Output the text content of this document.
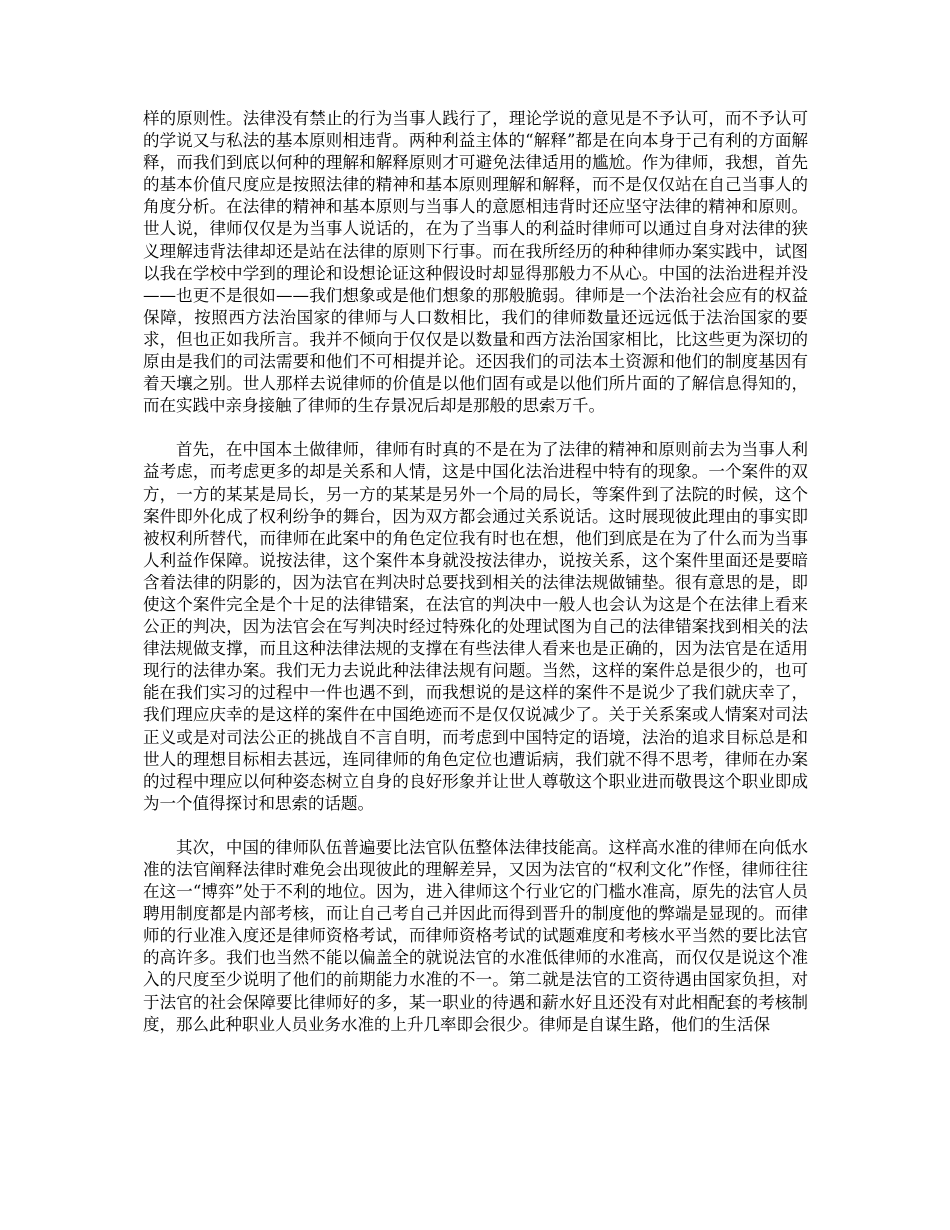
样的原则性。法律没有禁止的行为当事人践行了，理论学说的意见是不予认可，而不予认可的学说又与私法的基本原则相违背。两种利益主体的“解释”都是在向本身于己有利的方面解释，而我们到底以何种的理解和解释原则才可避免法律适用的尴尬。作为律师，我想，首先的基本价值尺度应是按照法律的精神和基本原则理解和解释，而不是仅仅站在自己当事人的角度分析。在法律的精神和基本原则与当事人的意愿相违背时还应坚守法律的精神和原则。世人说，律师仅仅是为当事人说话的，在为了当事人的利益时律师可以通过自身对法律的狭义理解违背法律却还是站在法律的原则下行事。而在我所经历的种种律师办案实践中，试图以我在学校中学到的理论和设想论证这种假设时却显得那般力不从心。中国的法治进程并没——也更不是很如——我们想象或是他们想象的那般脆弱。律师是一个法治社会应有的权益保障，按照西方法治国家的律师与人口数相比，我们的律师数量还远远低于法治国家的要求，但也正如我所言。我并不倾向于仅仅是以数量和西方法治国家相比，比这些更为深切的原由是我们的司法需要和他们不可相提并论。还因我们的司法本土资源和他们的制度基因有着天壤之别。世人那样去说律师的价值是以他们固有或是以他们所片面的了解信息得知的，而在实践中亲身接触了律师的生存景况后却是那般的思索万千。

首先，在中国本土做律师，律师有时真的不是在为了法律的精神和原则前去为当事人利益考虑，而考虑更多的却是关系和人情，这是中国化法治进程中特有的现象。一个案件的双方，一方的某某是局长，另一方的某某是另外一个局的局长，等案件到了法院的时候，这个案件即外化成了权利纷争的舞台，因为双方都会通过关系说话。这时展现彼此理由的事实即被权利所替代，而律师在此案中的角色定位我有时也在想，他们到底是在为了什么而为当事人利益作保障。说按法律，这个案件本身就没按法律办，说按关系，这个案件里面还是要暗含着法律的阴影的，因为法官在判决时总要找到相关的法律法规做铺垫。很有意思的是，即使这个案件完全是个十足的法律错案，在法官的判决中一般人也会认为这是个在法律上看来公正的判决，因为法官会在写判决时经过特殊化的处理试图为自己的法律错案找到相关的法律法规做支撑，而且这种法律法规的支撑在有些法律人看来也是正确的，因为法官是在适用现行的法律办案。我们无力去说此种法律法规有问题。当然，这样的案件总是很少的，也可能在我们实习的过程中一件也遇不到，而我想说的是这样的案件不是说少了我们就庆幸了，我们理应庆幸的是这样的案件在中国绝迹而不是仅仅说减少了。关于关系案或人情案对司法正义或是对司法公正的挑战自不言自明，而考虑到中国特定的语境，法治的追求目标总是和世人的理想目标相去甚远，连同律师的角色定位也遭诟病，我们就不得不思考，律师在办案的过程中理应以何种姿态树立自身的良好形象并让世人尊敬这个职业进而敬畏这个职业即成为一个值得探讨和思索的话题。

其次，中国的律师队伍普遍要比法官队伍整体法律技能高。这样高水准的律师在向低水准的法官阐释法律时难免会出现彼此的理解差异，又因为法官的“权利文化”作怪，律师往往在这一“博弈”处于不利的地位。因为，进入律师这个行业它的门槛水准高，原先的法官人员聘用制度都是内部考核，而让自己考自己并因此而得到晋升的制度他的弊端是显现的。而律师的行业准入度还是律师资格考试，而律师资格考试的试题难度和考核水平当然的要比法官的高许多。我们也当然不能以偏盖全的就说法官的水准低律师的水准高，而仅仅是说这个准入的尺度至少说明了他们的前期能力水准的不一。第二就是法官的工资待遇由国家负担，对于法官的社会保障要比律师好的多，某一职业的待遇和薪水好且还没有对此相配套的考核制度，那么此种职业人员业务水准的上升几率即会很少。律师是自谋生路，他们的生活保
